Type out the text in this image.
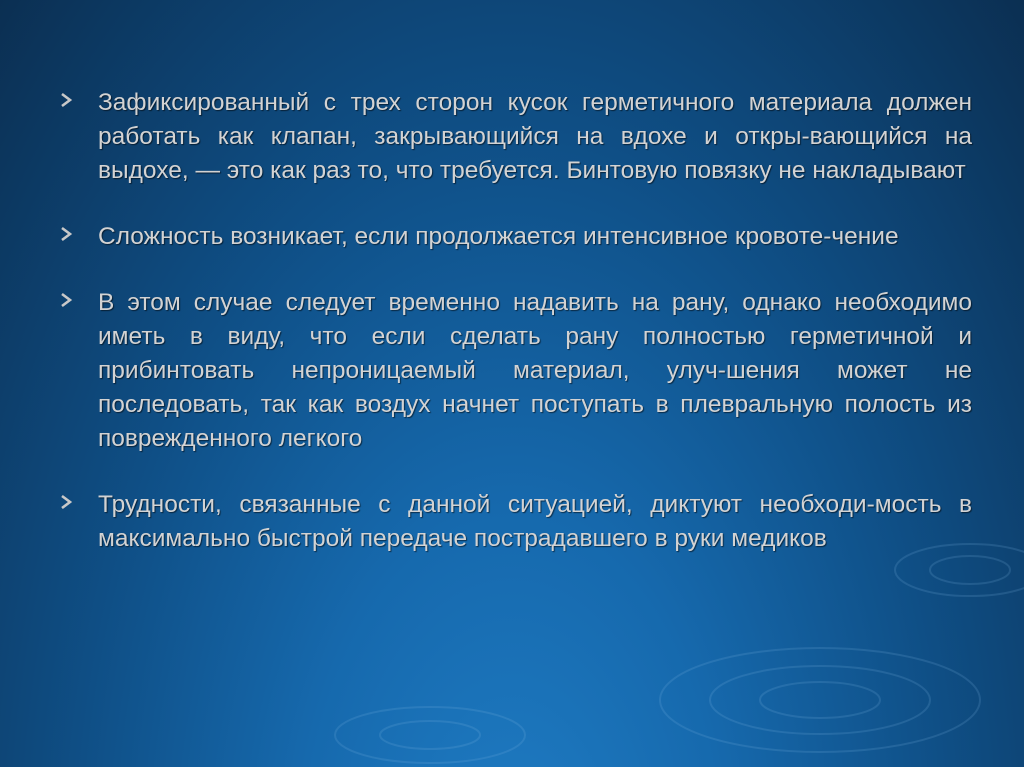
Зафиксированный с трех сторон кусок герметичного материала должен работать как клапан, закрывающийся на вдохе и откры-вающийся на выдохе, — это как раз то, что требуется. Бинтовую повязку не накладывают

Сложность возникает, если продолжается интенсивное кровоте-чение

В этом случае следует временно надавить на рану, однако необходимо иметь в виду, что если сделать рану полностью герметичной и прибинтовать непроницаемый материал, улуч-шения может не последовать, так как воздух начнет поступать в плевральную полость из поврежденного легкого

Трудности, связанные с данной ситуацией, диктуют необходи-мость в максимально быстрой передаче пострадавшего в руки медиков
